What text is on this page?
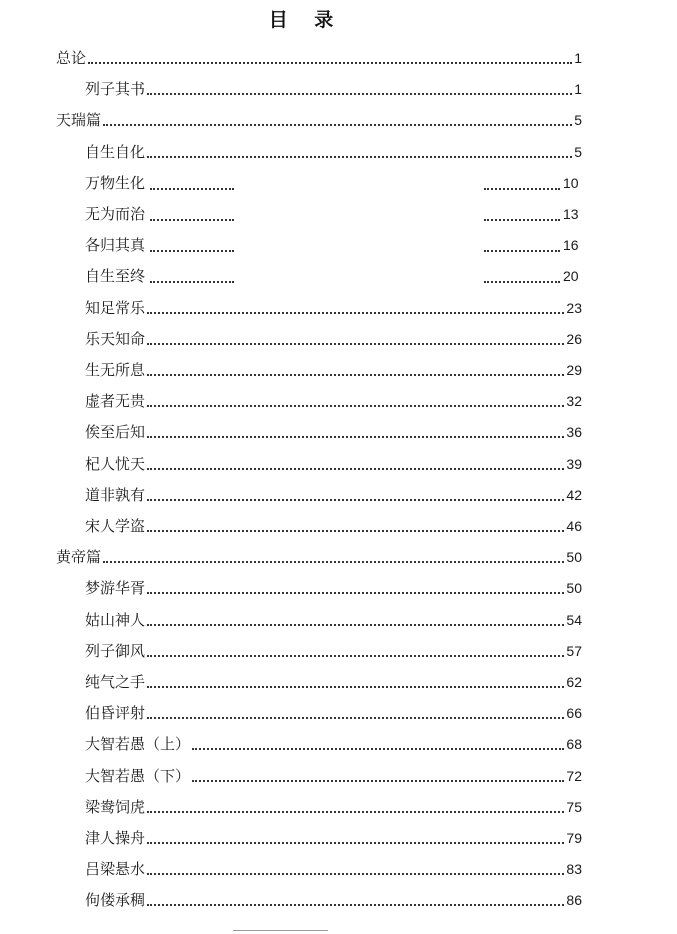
目 录
总论	1
列子其书	1
天瑞篇	5
自生自化	5
万物生化	10
无为而治	13
各归其真	16
自生至终	20
知足常乐	23
乐天知命	26
生无所息	29
虚者无贵	32
俟至后知	36
杞人忧天	39
道非孰有	42
宋人学盗	46
黄帝篇	50
梦游华胥	50
姑山神人	54
列子御风	57
纯气之手	62
伯昏评射	66
大智若愚（上）	68
大智若愚（下）	72
梁鸯饲虎	75
津人操舟	79
吕梁悬水	83
佝偻承稠	86
